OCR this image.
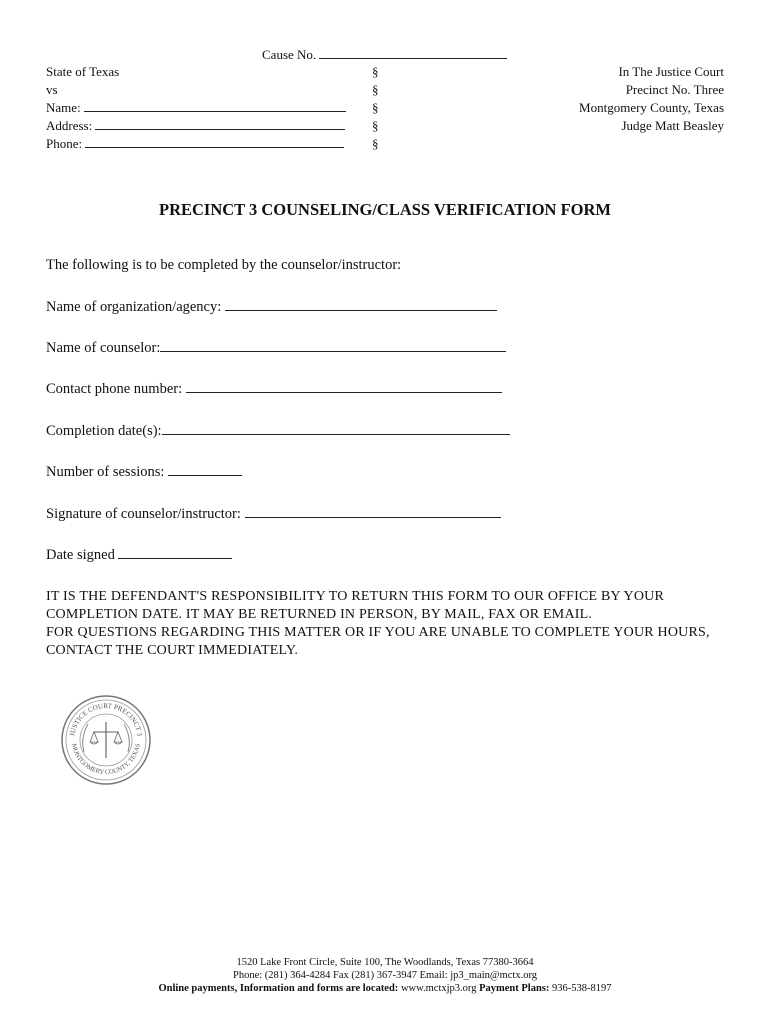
Cause No.
State of Texas
vs
Name:
Address:
Phone:
§
§
§
§
§
In The Justice Court
Precinct No. Three
Montgomery County, Texas
Judge Matt Beasley
PRECINCT 3 COUNSELING/CLASS VERIFICATION FORM
The following is to be completed by the counselor/instructor:
Name of organization/agency:
Name of counselor:
Contact phone number:
Completion date(s):
Number of sessions:
Signature of counselor/instructor:
Date signed
IT IS THE DEFENDANT'S RESPONSIBILITY TO RETURN THIS FORM TO OUR OFFICE BY YOUR
COMPLETION DATE. IT MAY BE RETURNED IN PERSON, BY MAIL, FAX OR EMAIL.
FOR QUESTIONS REGARDING THIS MATTER OR IF YOU ARE UNABLE TO COMPLETE YOUR HOURS,
CONTACT THE COURT IMMEDIATELY.
JUSTICE COURT PRECINCT 3
MONTGOMERY COUNTY, TEXAS
1520 Lake Front Circle, Suite 100, The Woodlands, Texas 77380-3664
Phone: (281) 364-4284 Fax (281) 367-3947 Email: jp3_main@mctx.org
Online payments, Information and forms are located: www.mctxjp3.org Payment Plans: 936-538-8197
